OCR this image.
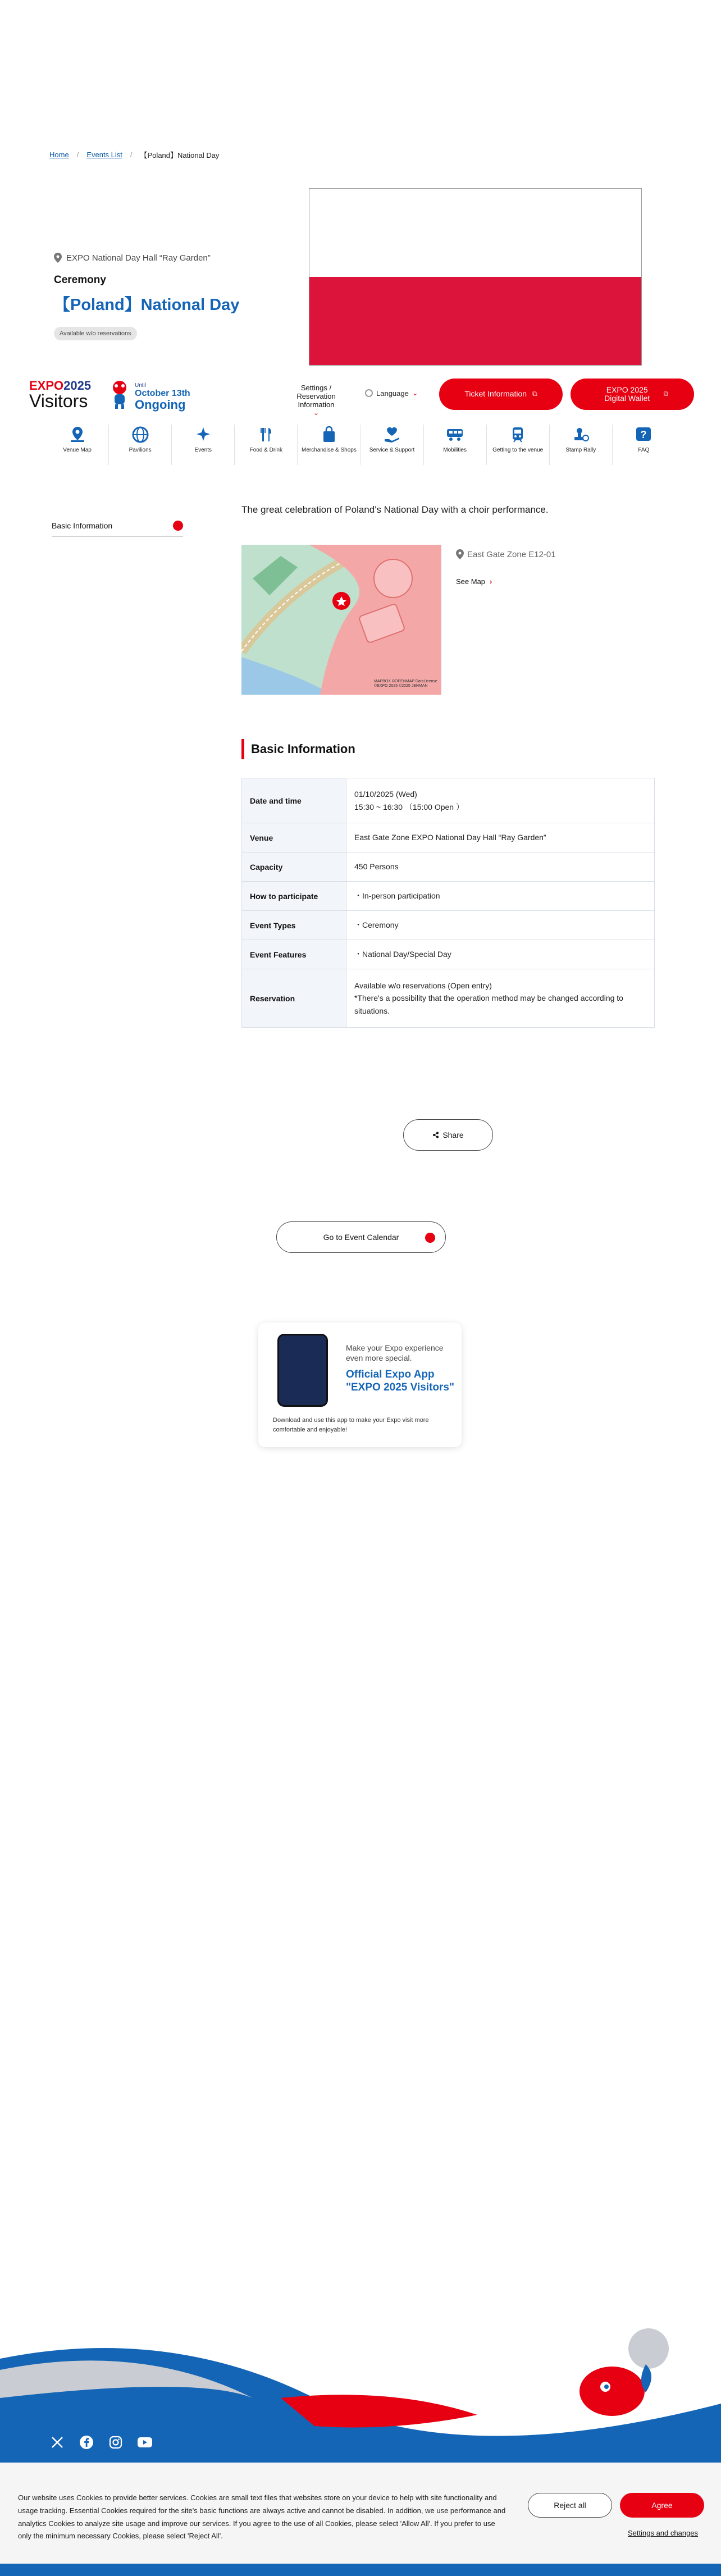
Home / Events List / 【Poland】National Day
EXPO National Day Hall “Ray Garden”
Ceremony
【Poland】National Day
Available w/o reservations
EXPO2025
Visitors
Until
October 13th
Ongoing
Settings / Reservation Information
⌄
Language ⌄	Ticket Information ⧉	EXPO 2025 Digital Wallet	⧉
Venue Map	Pavilions	Events	Food & Drink	Merchandise & Shops Service & Support	Mobilities	Getting to the venue	Stamp Rally
?
FAQ
Basic Information
The great celebration of Poland's National Day with a choir performance.
MAPBOX ©OPENMAP DataLicense ©EXPO 2025 ©2025 JENMAN
East Gate Zone E12-01
See Map ›
Basic Information
Date and time	01/10/2025 (Wed)
15:30 ~ 16:30 （15:00 Open ）

Venue	East Gate Zone EXPO National Day Hall “Ray Garden”
Capacity	450 Persons
How to participate	・In-person participation
Event Types	・Ceremony
Event Features	・National Day/Special Day
Reservation	Available w/o reservations (Open entry)
*There's a possibility that the operation method may be changed according to situations.
Share
Go to Event Calendar
Make your Expo experience even more special.
Official Expo App "EXPO 2025 Visitors"
Download and use this app to make your Expo visit more comfortable and enjoyable!
Our website uses Cookies to provide better services. Cookies are small text files that websites store on your device to help with site functionality and usage tracking. Essential Cookies required for the site's basic functions are always active and cannot be disabled. In addition, we use performance and analytics Cookies to analyze site usage and improve our services. If you agree to the use of all Cookies, please select 'Allow All'. If you prefer to use only the minimum necessary Cookies, please select 'Reject All'.
Reject all	Agree
Settings and changes
